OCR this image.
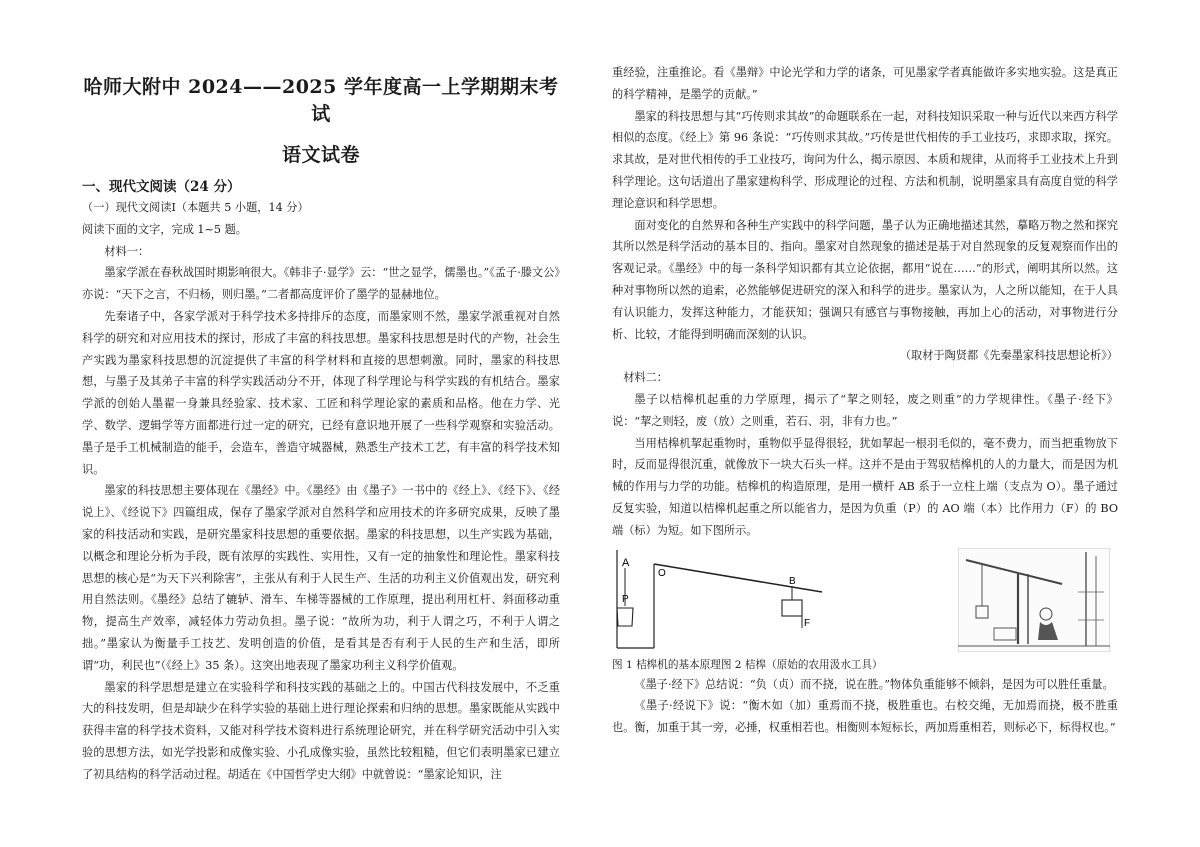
哈师大附中 2024——2025 学年度高一上学期期末考试
语文试卷
一、现代文阅读（24 分）

（一）现代文阅读Ⅰ（本题共 5 小题，14 分）

阅读下面的文字，完成 1~5 题。

材料一：

墨家学派在春秋战国时期影响很大。《韩非子·显学》云：“世之显学，儒墨也。”《孟子·滕文公》亦说：“天下之言，不归杨，则归墨。”二者都高度评价了墨学的显赫地位。

先秦诸子中，各家学派对于科学技术多持排斥的态度，而墨家则不然，墨家学派重视对自然科学的研究和对应用技术的探讨，形成了丰富的科技思想。墨家科技思想是时代的产物，社会生产实践为墨家科技思想的沉淀提供了丰富的科学材料和直接的思想刺激。同时，墨家的科技思想，与墨子及其弟子丰富的科学实践活动分不开，体现了科学理论与科学实践的有机结合。墨家学派的创始人墨翟一身兼具经验家、技术家、工匠和科学理论家的素质和品格。他在力学、光学、数学、逻辑学等方面都进行过一定的研究，已经有意识地开展了一些科学观察和实验活动。墨子是手工机械制造的能手，会造车，善造守城器械，熟悉生产技术工艺，有丰富的科学技术知识。

墨家的科技思想主要体现在《墨经》中。《墨经》由《墨子》一书中的《经上》、《经下》、《经说上》、《经说下》四篇组成，保存了墨家学派对自然科学和应用技术的许多研究成果，反映了墨家的科技活动和实践，是研究墨家科技思想的重要依据。墨家的科技思想，以生产实践为基础，以概念和理论分析为手段，既有浓厚的实践性、实用性，又有一定的抽象性和理论性。墨家科技思想的核心是“为天下兴利除害”，主张从有利于人民生产、生活的功利主义价值观出发，研究利用自然法则。《墨经》总结了辘轳、滑车、车梯等器械的工作原理，提出利用杠杆、斜面移动重物，提高生产效率，减轻体力劳动负担。墨子说：“故所为功，利于人谓之巧，不利于人谓之拙。”墨家认为衡量手工技艺、发明创造的价值，是看其是否有利于人民的生产和生活，即所谓“功，利民也”（《经上》35 条）。这突出地表现了墨家功利主义科学价值观。

墨家的科学思想是建立在实验科学和科技实践的基础之上的。中国古代科技发展中，不乏重大的科技发明，但是却缺少在科学实验的基础上进行理论探索和归纳的思想。墨家既能从实践中获得丰富的科学技术资料，又能对科学技术资料进行系统理论研究，并在科学研究活动中引入实验的思想方法，如光学投影和成像实验、小孔成像实验，虽然比较粗糙，但它们表明墨家已建立了初具结构的科学活动过程。胡适在《中国哲学史大纲》中就曾说：“墨家论知识，注

重经验，注重推论。看《墨辩》中论光学和力学的诸条，可见墨家学者真能做许多实地实验。这是真正的科学精神，是墨学的贡献。”

墨家的科技思想与其“巧传则求其故”的命题联系在一起，对科技知识采取一种与近代以来西方科学相似的态度。《经上》第 96 条说：“巧传则求其故。”巧传是世代相传的手工业技巧，求即求取，探究。求其故，是对世代相传的手工业技巧，询问为什么，揭示原因、本质和规律，从而将手工业技术上升到科学理论。这句话道出了墨家建构科学、形成理论的过程、方法和机制，说明墨家具有高度自觉的科学理论意识和科学思想。

面对变化的自然界和各种生产实践中的科学问题，墨子认为正确地描述其然，摹略万物之然和探究其所以然是科学活动的基本目的、指向。墨家对自然现象的描述是基于对自然现象的反复观察而作出的客观记录。《墨经》中的每一条科学知识都有其立论依据，都用“说在……”的形式，阐明其所以然。这种对事物所以然的追索，必然能够促进研究的深入和科学的进步。墨家认为，人之所以能知，在于人具有认识能力，发挥这种能力，才能获知；强调只有感官与事物接触，再加上心的活动，对事物进行分析、比较，才能得到明确而深刻的认识。

（取材于陶贤都《先秦墨家科技思想论析》）

材料二：

墨子以桔槔机起重的力学原理，揭示了“挈之则轻，废之则重”的力学规律性。《墨子·经下》说：“挈之则轻，废（放）之则重，若石、羽，非有力也。”

当用桔槔机挈起重物时，重物似乎显得很轻，犹如挈起一根羽毛似的，毫不费力，而当把重物放下时，反而显得很沉重，就像放下一块大石头一样。这并不是由于驾驭桔槔机的人的力量大，而是因为机械的作用与力学的功能。桔槔机的构造原理，是用一横杆 AB 系于一立柱上端（支点为 O）。墨子通过反复实验，知道以桔槔机起重之所以能省力，是因为负重（P）的 AO 端（本）比作用力（F）的 BO 端（标）为短。如下图所示。

A
P
O
B
F

图 1 桔槔机的基本原理图 2 桔槔（原始的农用汲水工具）

《墨子·经下》总结说：“负（贞）而不挠，说在胜。”物体负重能够不倾斜，是因为可以胜任重量。

《墨子·经说下》说：“衡木如（加）重焉而不挠，极胜重也。右校交绳，无加焉而挠，极不胜重也。衡，加重于其一旁，必捶，权重相若也。相衡则本短标长，两加焉重相若，则标必下，标得权也。”
